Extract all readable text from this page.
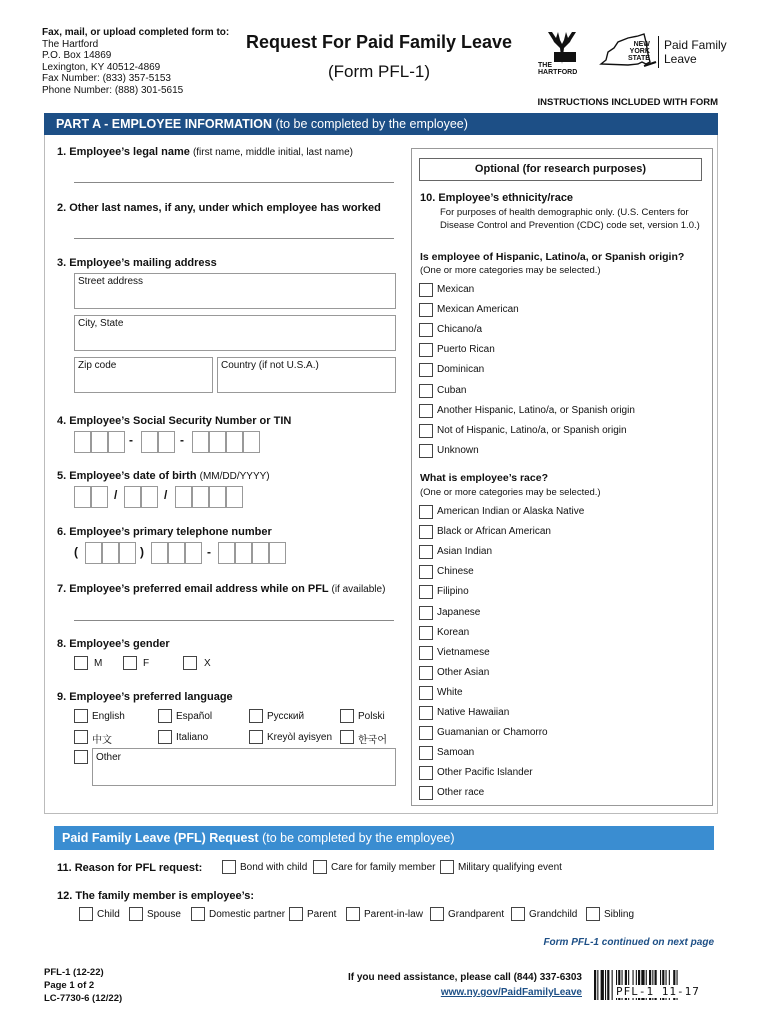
Fax, mail, or upload completed form to:
The Hartford
P.O. Box 14869
Lexington, KY 40512-4869
Fax Number: (833) 357-5153
Phone Number: (888) 301-5615
Request For Paid Family Leave
(Form PFL-1)	THE
HARTFORD
NEW
YORK
STATE
Paid Family
Leave
INSTRUCTIONS INCLUDED WITH FORM
PART A - EMPLOYEE INFORMATION (to be completed by the employee)
1. Employee’s legal name (first name, middle initial, last name)
2. Other last names, if any, under which employee has worked
3. Employee’s mailing address
Street address
City, State
Zip code	Country (if not U.S.A.)
4. Employee’s Social Security Number or TIN
-	-
5. Employee’s date of birth (MM/DD/YYYY)
/	/
6. Employee’s primary telephone number
(	)	-
7. Employee’s preferred email address while on PFL (if available)
8. Employee’s gender
M	F	X
9. Employee’s preferred language
English	Español	Русский	Polski
中文	Italiano	Kreyòl ayisyen	한국어
Other
Optional (for research purposes)
10. Employee’s ethnicity/race
For purposes of health demographic only. (U.S. Centers for
Disease Control and Prevention (CDC) code set, version 1.0.)
Is employee of Hispanic, Latino/a, or Spanish origin?
(One or more categories may be selected.)
Mexican
Mexican American
Chicano/a
Puerto Rican
Dominican
Cuban
Another Hispanic, Latino/a, or Spanish origin
Not of Hispanic, Latino/a, or Spanish origin
Unknown
What is employee’s race?
(One or more categories may be selected.)
American Indian or Alaska Native
Black or African American
Asian Indian
Chinese
Filipino
Japanese
Korean
Vietnamese
Other Asian
White
Native Hawaiian
Guamanian or Chamorro
Samoan
Other Pacific Islander
Other race
Paid Family Leave (PFL) Request (to be completed by the employee)
11. Reason for PFL request:	Bond with child Care for family member Military qualifying event
12. The family member is employee’s:
Child	Spouse	Domestic partner Parent	Parent-in-law	Grandparent Grandchild	Sibling
Form PFL-1 continued on next page
PFL-1 (12-22)
Page 1 of 2
LC-7730-6 (12/22)
If you need assistance, please call (844) 337-6303
www.ny.gov/PaidFamilyLeave	PFL-1 11-17
